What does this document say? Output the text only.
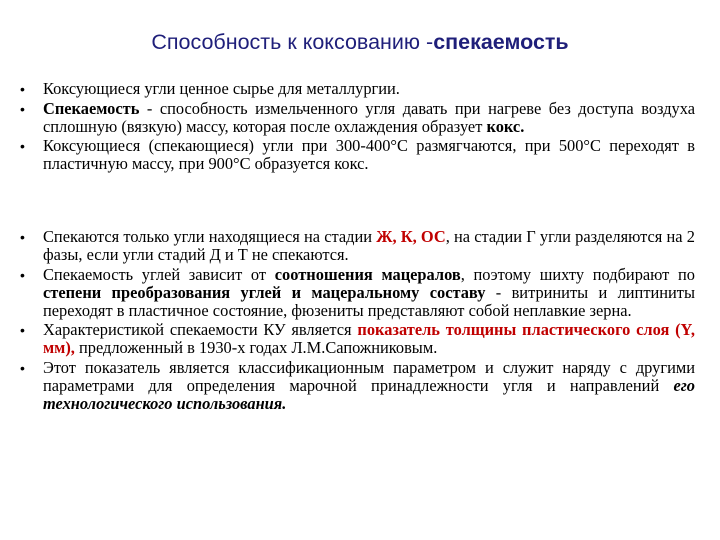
Способность к коксованию -спекаемость
• Коксующиеся угли ценное сырье для металлургии.
• Спекаемость - способность измельченного угля давать при нагреве без доступа воздуха сплошную (вязкую) массу, которая после охлаждения образует кокс.
• Коксующиеся (спекающиеся) угли при 300-400°С размягчаются, при 500°С переходят в пластичную массу, при 900°С образуется кокс.
• Спекаются только угли находящиеся на стадии Ж, К, ОС, на стадии Г угли разделяются на 2 фазы, если угли стадий Д и Т не спекаются.
• Спекаемость углей зависит от соотношения мацералов, поэтому шихту подбирают по степени преобразования углей и мацеральному составу - витриниты и липтиниты переходят в пластичное состояние, фюзениты представляют собой неплавкие зерна.
• Характеристикой спекаемости КУ является показатель толщины пластического слоя (Y, мм), предложенный в 1930-х годах Л.М.Сапожниковым.
• Этот показатель является классификационным параметром и служит наряду с другими параметрами для определения марочной принадлежности угля и направлений его технологического использования.
